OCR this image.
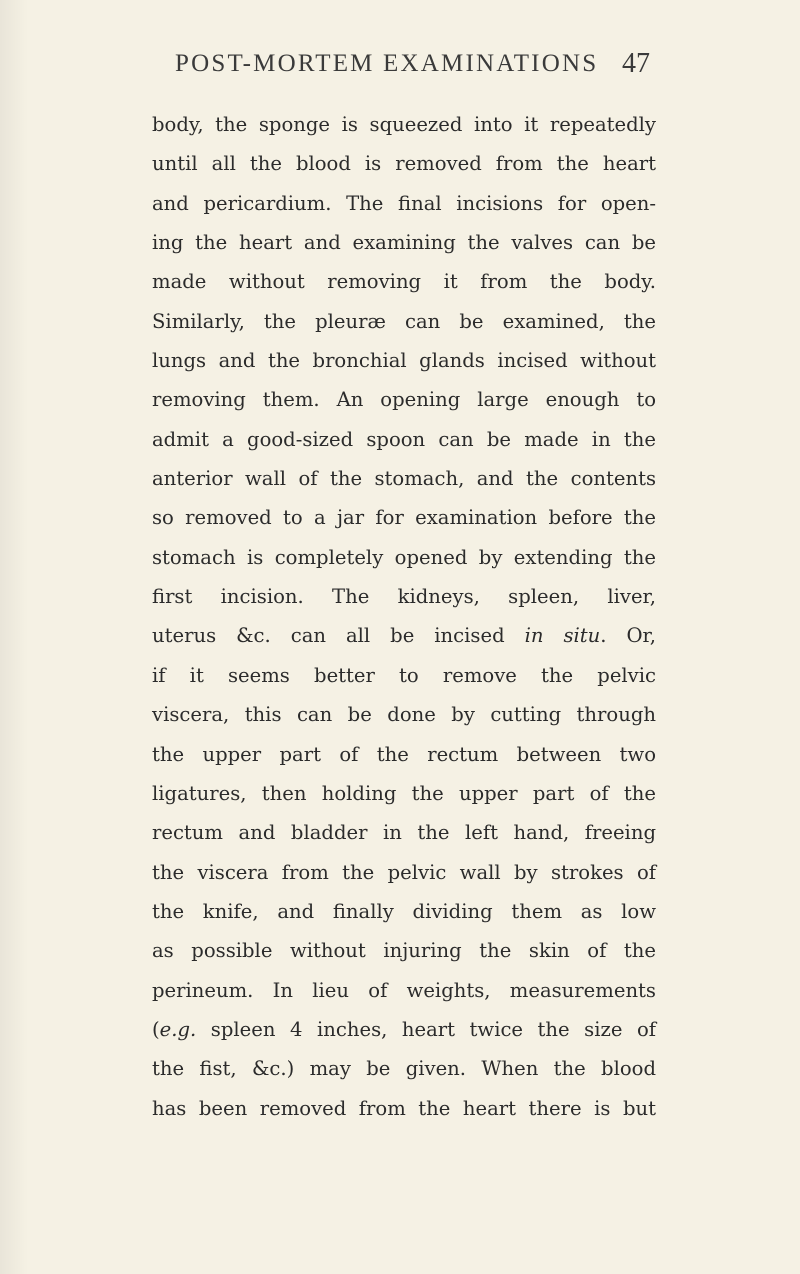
POST-MORTEM EXAMINATIONS 47
body, the sponge is squeezed into it repeatedly
until all the blood is removed from the heart
and pericardium. The final incisions for open-
ing the heart and examining the valves can be
made without removing it from the body.
Similarly, the pleuræ can be examined, the
lungs and the bronchial glands incised without
removing them. An opening large enough to
admit a good-sized spoon can be made in the
anterior wall of the stomach, and the contents
so removed to a jar for examination before the
stomach is completely opened by extending the
first incision. The kidneys, spleen, liver,
uterus &c. can all be incised in situ. Or,
if it seems better to remove the pelvic
viscera, this can be done by cutting through
the upper part of the rectum between two
ligatures, then holding the upper part of the
rectum and bladder in the left hand, freeing
the viscera from the pelvic wall by strokes of
the knife, and finally dividing them as low
as possible without injuring the skin of the
perineum. In lieu of weights, measurements
(e.g. spleen 4 inches, heart twice the size of
the fist, &c.) may be given. When the blood
has been removed from the heart there is but
